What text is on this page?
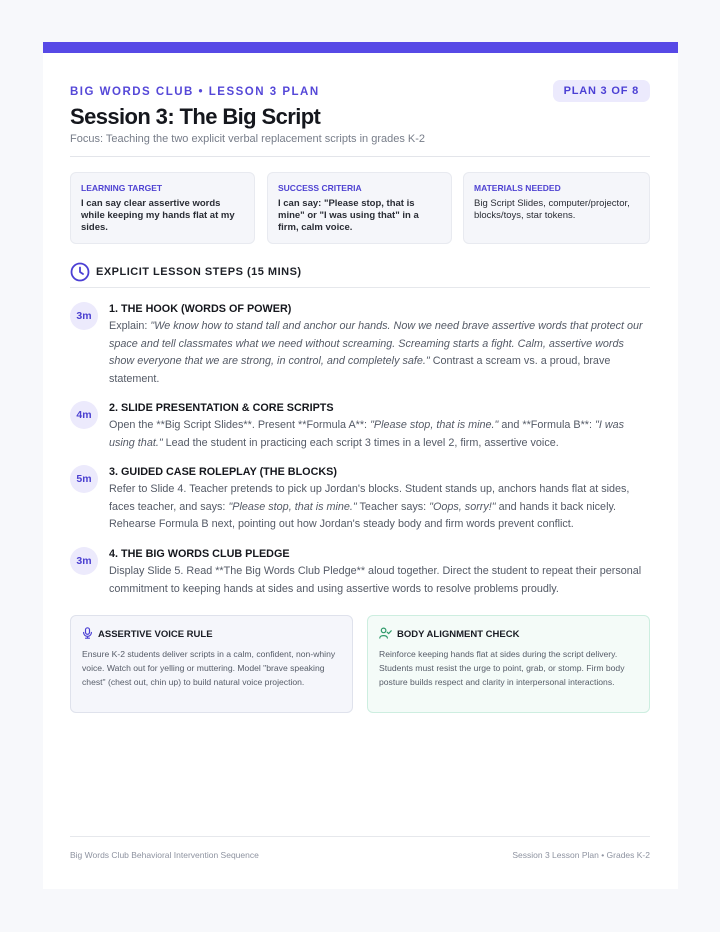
BIG WORDS CLUB • LESSON 3 PLAN	PLAN 3 OF 8
Session 3: The Big Script
Focus: Teaching the two explicit verbal replacement scripts in grades K-2
LEARNING TARGET
I can say clear assertive words while keeping my hands flat at my sides.
SUCCESS CRITERIA
I can say: "Please stop, that is mine" or "I was using that" in a firm, calm voice.
MATERIALS NEEDED
Big Script Slides, computer/projector, blocks/toys, star tokens.
EXPLICIT LESSON STEPS (15 MINS)
3m
1. THE HOOK (WORDS OF POWER)
Explain: "We know how to stand tall and anchor our hands. Now we need brave assertive words that protect our space and tell classmates what we need without screaming. Screaming starts a fight. Calm, assertive words show everyone that we are strong, in control, and completely safe." Contrast a scream vs. a proud, brave statement.
4m
2. SLIDE PRESENTATION & CORE SCRIPTS
Open the **Big Script Slides**. Present **Formula A**: "Please stop, that is mine." and **Formula B**: "I was using that." Lead the student in practicing each script 3 times in a level 2, firm, assertive voice.
5m
3. GUIDED CASE ROLEPLAY (THE BLOCKS)
Refer to Slide 4. Teacher pretends to pick up Jordan's blocks. Student stands up, anchors hands flat at sides, faces teacher, and says: "Please stop, that is mine." Teacher says: "Oops, sorry!" and hands it back nicely. Rehearse Formula B next, pointing out how Jordan's steady body and firm words prevent conflict.
3m
4. THE BIG WORDS CLUB PLEDGE
Display Slide 5. Read **The Big Words Club Pledge** aloud together. Direct the student to repeat their personal commitment to keeping hands at sides and using assertive words to resolve problems proudly.
ASSERTIVE VOICE RULE
Ensure K-2 students deliver scripts in a calm, confident, non-whiny voice. Watch out for yelling or muttering. Model "brave speaking chest" (chest out, chin up) to build natural voice projection.
BODY ALIGNMENT CHECK
Reinforce keeping hands flat at sides during the script delivery. Students must resist the urge to point, grab, or stomp. Firm body posture builds respect and clarity in interpersonal interactions.
Big Words Club Behavioral Intervention Sequence	Session 3 Lesson Plan • Grades K-2
